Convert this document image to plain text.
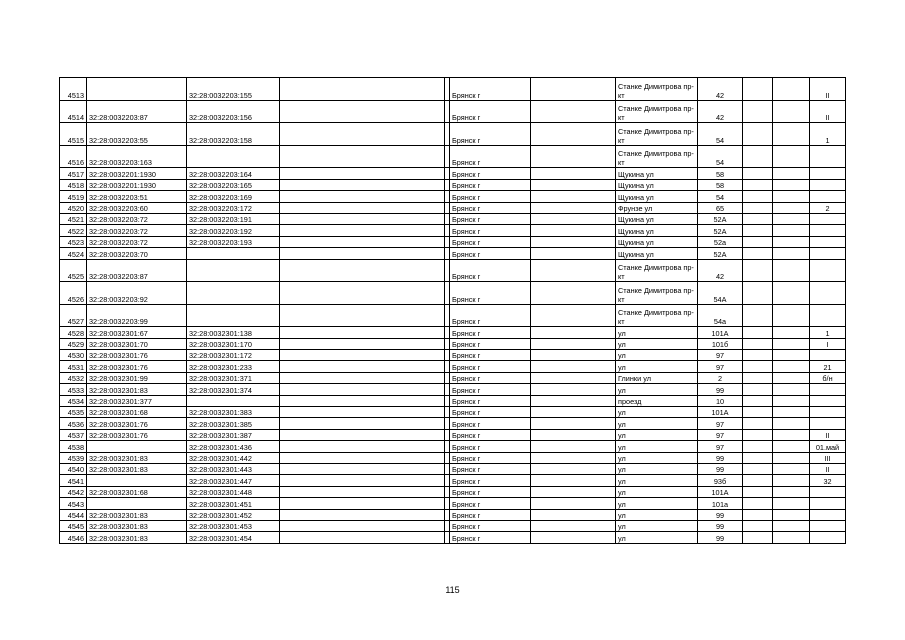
4513		32:28:0032203:155			Брянск г		Станке Димитрова пр-кт	42			II
4514	32:28:0032203:87	32:28:0032203:156			Брянск г		Станке Димитрова пр-кт	42			II
4515	32:28:0032203:55	32:28:0032203:158			Брянск г		Станке Димитрова пр-кт	54			1
4516	32:28:0032203:163				Брянск г		Станке Димитрова пр-кт	54			
4517	32:28:0032201:1930	32:28:0032203:164			Брянск г		Щукина ул	58			
4518	32:28:0032201:1930	32:28:0032203:165			Брянск г		Щукина ул	58			
4519	32:28:0032203:51	32:28:0032203:169			Брянск г		Щукина ул	54			
4520	32:28:0032203:60	32:28:0032203:172			Брянск г		Фрунзе ул	65			2
4521	32:28:0032203:72	32:28:0032203:191			Брянск г		Щукина ул	52А			
4522	32:28:0032203:72	32:28:0032203:192			Брянск г		Щукина ул	52А			
4523	32:28:0032203:72	32:28:0032203:193			Брянск г		Щукина ул	52а			
4524	32:28:0032203:70				Брянск г		Щукина ул	52А			
4525	32:28:0032203:87				Брянск г		Станке Димитрова пр-кт	42			
4526	32:28:0032203:92				Брянск г		Станке Димитрова пр-кт	54А			
4527	32:28:0032203:99				Брянск г		Станке Димитрова пр-кт	54а			
4528	32:28:0032301:67	32:28:0032301:138			Брянск г		ул	101А			1
4529	32:28:0032301:70	32:28:0032301:170			Брянск г		ул	101б			I
4530	32:28:0032301:76	32:28:0032301:172			Брянск г		ул	97			
4531	32:28:0032301:76	32:28:0032301:233			Брянск г		ул	97			21
4532	32:28:0032301:99	32:28:0032301:371			Брянск г		Глинки ул	2			б/н
4533	32:28:0032301:83	32:28:0032301:374			Брянск г		ул	99			
4534	32:28:0032301:377				Брянск г		проезд	10			
4535	32:28:0032301:68	32:28:0032301:383			Брянск г		ул	101А			
4536	32:28:0032301:76	32:28:0032301:385			Брянск г		ул	97			
4537	32:28:0032301:76	32:28:0032301:387			Брянск г		ул	97			II
4538		32:28:0032301:436			Брянск г		ул	97			01.май
4539	32:28:0032301:83	32:28:0032301:442			Брянск г		ул	99			III
4540	32:28:0032301:83	32:28:0032301:443			Брянск г		ул	99			II
4541		32:28:0032301:447			Брянск г		ул	93б			32
4542	32:28:0032301:68	32:28:0032301:448			Брянск г		ул	101А			
4543		32:28:0032301:451			Брянск г		ул	101а			
4544	32:28:0032301:83	32:28:0032301:452			Брянск г		ул	99			
4545	32:28:0032301:83	32:28:0032301:453			Брянск г		ул	99			
4546	32:28:0032301:83	32:28:0032301:454			Брянск г		ул	99			
115
